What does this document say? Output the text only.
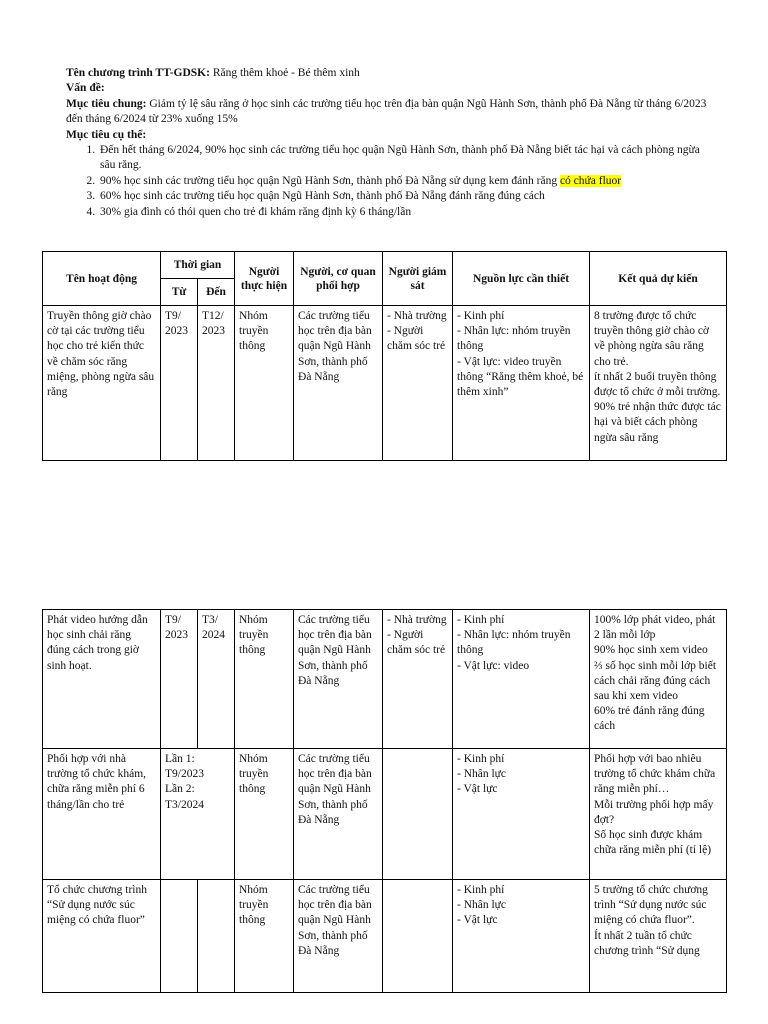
Tên chương trình TT-GDSK: Răng thêm khoẻ - Bé thêm xinh

Vấn đề:

Mục tiêu chung: Giảm tỷ lệ sâu răng ở học sinh các trường tiểu học trên địa bàn quận Ngũ Hành Sơn, thành phố Đà Nẵng từ tháng 6/2023 đến tháng 6/2024 từ 23% xuống 15%

Mục tiêu cụ thể:

1. Đến hết tháng 6/2024, 90% học sinh các trường tiểu học quận Ngũ Hành Sơn, thành phố Đà Nẵng biết tác hại và cách phòng ngừa sâu răng.
2. 90% học sinh các trường tiểu học quận Ngũ Hành Sơn, thành phố Đà Nẵng sử dụng kem đánh răng có chứa fluor
3. 60% học sinh các trường tiểu học quận Ngũ Hành Sơn, thành phố Đà Nẵng đánh răng đúng cách
4. 30% gia đình có thói quen cho trẻ đi khám răng định kỳ 6 tháng/lần
Tên hoạt động	Thời gian		Người thực hiện	Người, cơ quan phối hợp	Người giám sát	Nguồn lực cần thiết	Kết quả dự kiến
	Từ	Đến					
Truyền thông giờ chào cờ tại các trường tiểu học cho trẻ kiến thức về chăm sóc răng miệng, phòng ngừa sâu răng	T9/ 2023	T12/ 2023	Nhóm truyền thông	Các trường tiểu học trên địa bàn quận Ngũ Hành Sơn, thành phố Đà Nẵng	- Nhà trường
- Người chăm sóc trẻ	- Kinh phí
- Nhân lực: nhóm truyền thông
- Vật lực: video truyền thông “Răng thêm khoẻ, bé thêm xinh”	8 trường được tổ chức truyền thông giờ chào cờ về phòng ngừa sâu răng cho trẻ.
ít nhất 2 buổi truyền thông được tổ chức ở mỗi trường.
90% trẻ nhận thức được tác hại và biết cách phòng ngừa sâu răng
Phát video hướng dẫn học sinh chải răng đúng cách trong giờ sinh hoạt.	T9/ 2023	T3/ 2024	Nhóm truyền thông	Các trường tiểu học trên địa bàn quận Ngũ Hành Sơn, thành phố Đà Nẵng	- Nhà trường
- Người chăm sóc trẻ	- Kinh phí
- Nhân lực: nhóm truyền thông
- Vật lực: video	100% lớp phát video, phát 2 lần mỗi lớp
90% học sinh xem video
⅔ số học sinh mỗi lớp biết cách chải răng đúng cách sau khi xem video
60% trẻ đánh răng đúng cách

Phối hợp với nhà trường tổ chức khám, chữa răng miễn phí 6 tháng/lần cho trẻ	Lần 1: T9/2023
Lần 2: T3/2024		Nhóm truyền thông	Các trường tiểu học trên địa bàn quận Ngũ Hành Sơn, thành phố Đà Nẵng		- Kinh phí
- Nhân lực
- Vật lực	Phối hợp với bao nhiêu trường tổ chức khám chữa răng miễn phí…
Mỗi trường phối hợp mấy đợt?
Số học sinh được khám chữa răng miễn phí (tỉ lệ)

Tổ chức chương trình “Sử dụng nước súc miệng có chứa fluor”			Nhóm truyền thông	Các trường tiểu học trên địa bàn quận Ngũ Hành Sơn, thành phố Đà Nẵng		- Kinh phí
- Nhân lực
- Vật lực	5 trường tổ chức chương trình “Sử dụng nước súc miệng có chứa fluor”.
Ít nhất 2 tuần tổ chức chương trình “Sử dụng
